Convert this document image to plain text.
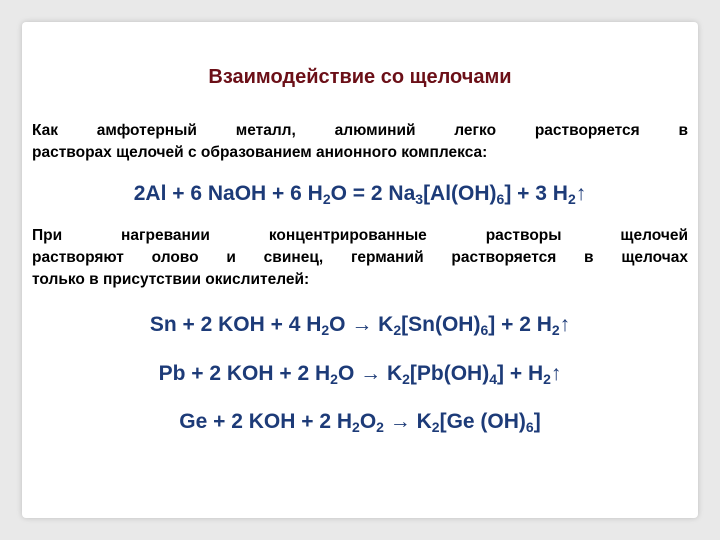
Взаимодействие со щелочами
Как амфотерный металл, алюминий легко растворяется в
растворах щелочей с образованием анионного комплекса:
2Al + 6 NaOH + 6 $H_2O = 2$ $Na_3[Al(OH)_6] + 3$ $H_2↑$
При нагревании концентрированные растворы щелочей
растворяют олово и свинец, германий растворяется в щелочах
только в присутствии окислителей:
Sn + 2 KOH + 4 $H_2O \to K_2[Sn(OH)_6] + 2$ $H_2↑$
Pb + 2 KOH + 2 $H_2O \to K_2[Pb(OH)_4]$ + $H_2↑$
Ge + 2 KOH + 2 $H_2O_2 \to K_2[Ge$ $(OH)_6$]
